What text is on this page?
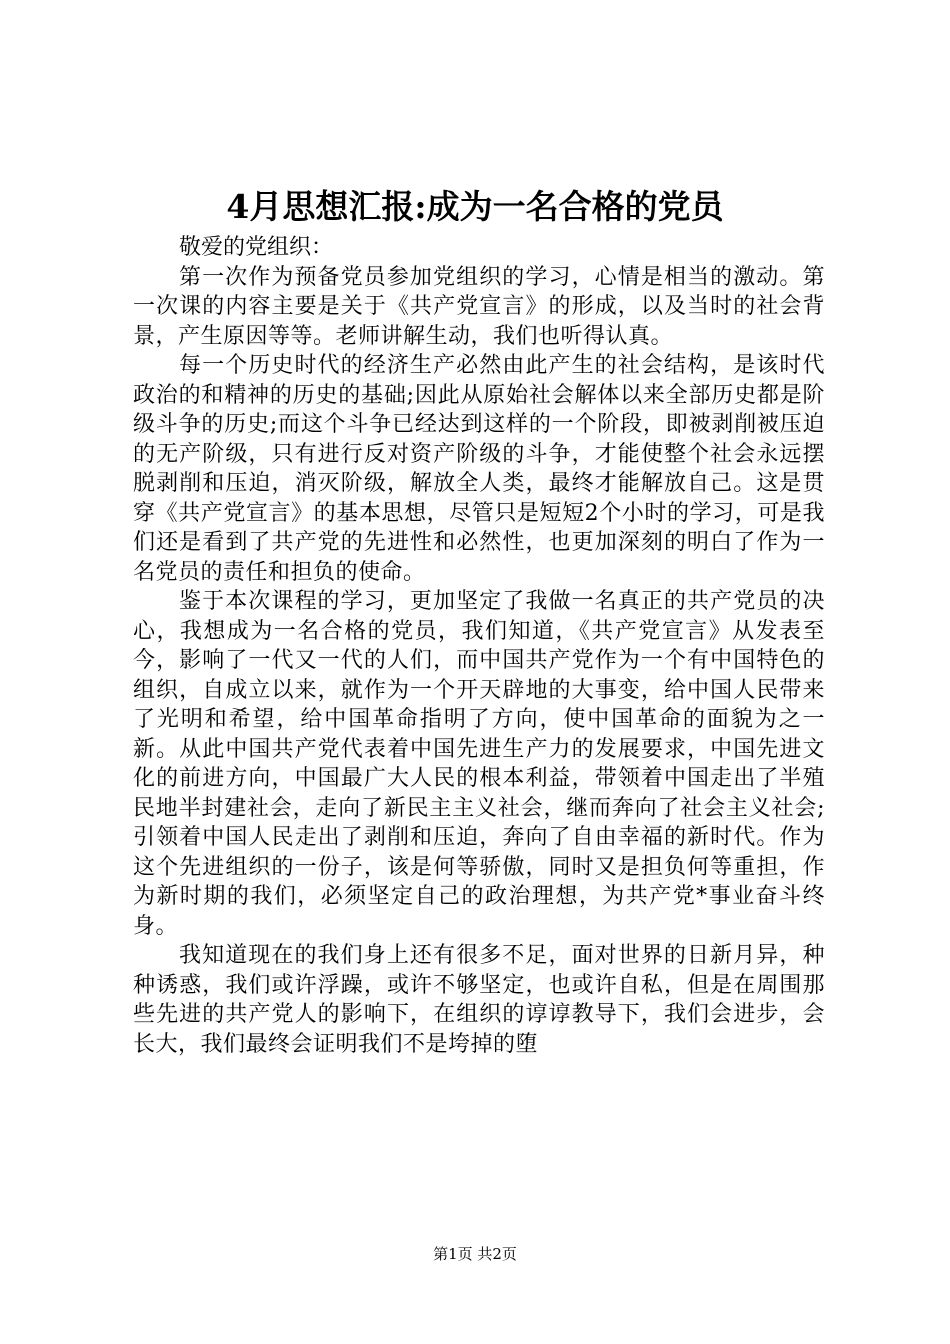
4月思想汇报:成为一名合格的党员

敬爱的党组织：

第一次作为预备党员参加党组织的学习，心情是相当的激动。第一次课的内容主要是关于《共产党宣言》的形成，以及当时的社会背景，产生原因等等。老师讲解生动，我们也听得认真。

每一个历史时代的经济生产必然由此产生的社会结构，是该时代政治的和精神的历史的基础;因此从原始社会解体以来全部历史都是阶级斗争的历史;而这个斗争已经达到这样的一个阶段，即被剥削被压迫的无产阶级，只有进行反对资产阶级的斗争，才能使整个社会永远摆脱剥削和压迫，消灭阶级，解放全人类，最终才能解放自己。这是贯穿《共产党宣言》的基本思想，尽管只是短短2个小时的学习，可是我们还是看到了共产党的先进性和必然性，也更加深刻的明白了作为一名党员的责任和担负的使命。

鉴于本次课程的学习，更加坚定了我做一名真正的共产党员的决心，我想成为一名合格的党员，我们知道，《共产党宣言》从发表至今，影响了一代又一代的人们，而中国共产党作为一个有中国特色的组织，自成立以来，就作为一个开天辟地的大事变，给中国人民带来了光明和希望，给中国革命指明了方向，使中国革命的面貌为之一新。从此中国共产党代表着中国先进生产力的发展要求，中国先进文化的前进方向，中国最广大人民的根本利益，带领着中国走出了半殖民地半封建社会，走向了新民主主义社会，继而奔向了社会主义社会;引领着中国人民走出了剥削和压迫，奔向了自由幸福的新时代。作为这个先进组织的一份子，该是何等骄傲，同时又是担负何等重担，作为新时期的我们，必须坚定自己的政治理想，为共产党*事业奋斗终身。

我知道现在的我们身上还有很多不足，面对世界的日新月异，种种诱惑，我们或许浮躁，或许不够坚定，也或许自私，但是在周围那些先进的共产党人的影响下，在组织的谆谆教导下，我们会进步，会长大，我们最终会证明我们不是垮掉的堕

第1页 共2页
